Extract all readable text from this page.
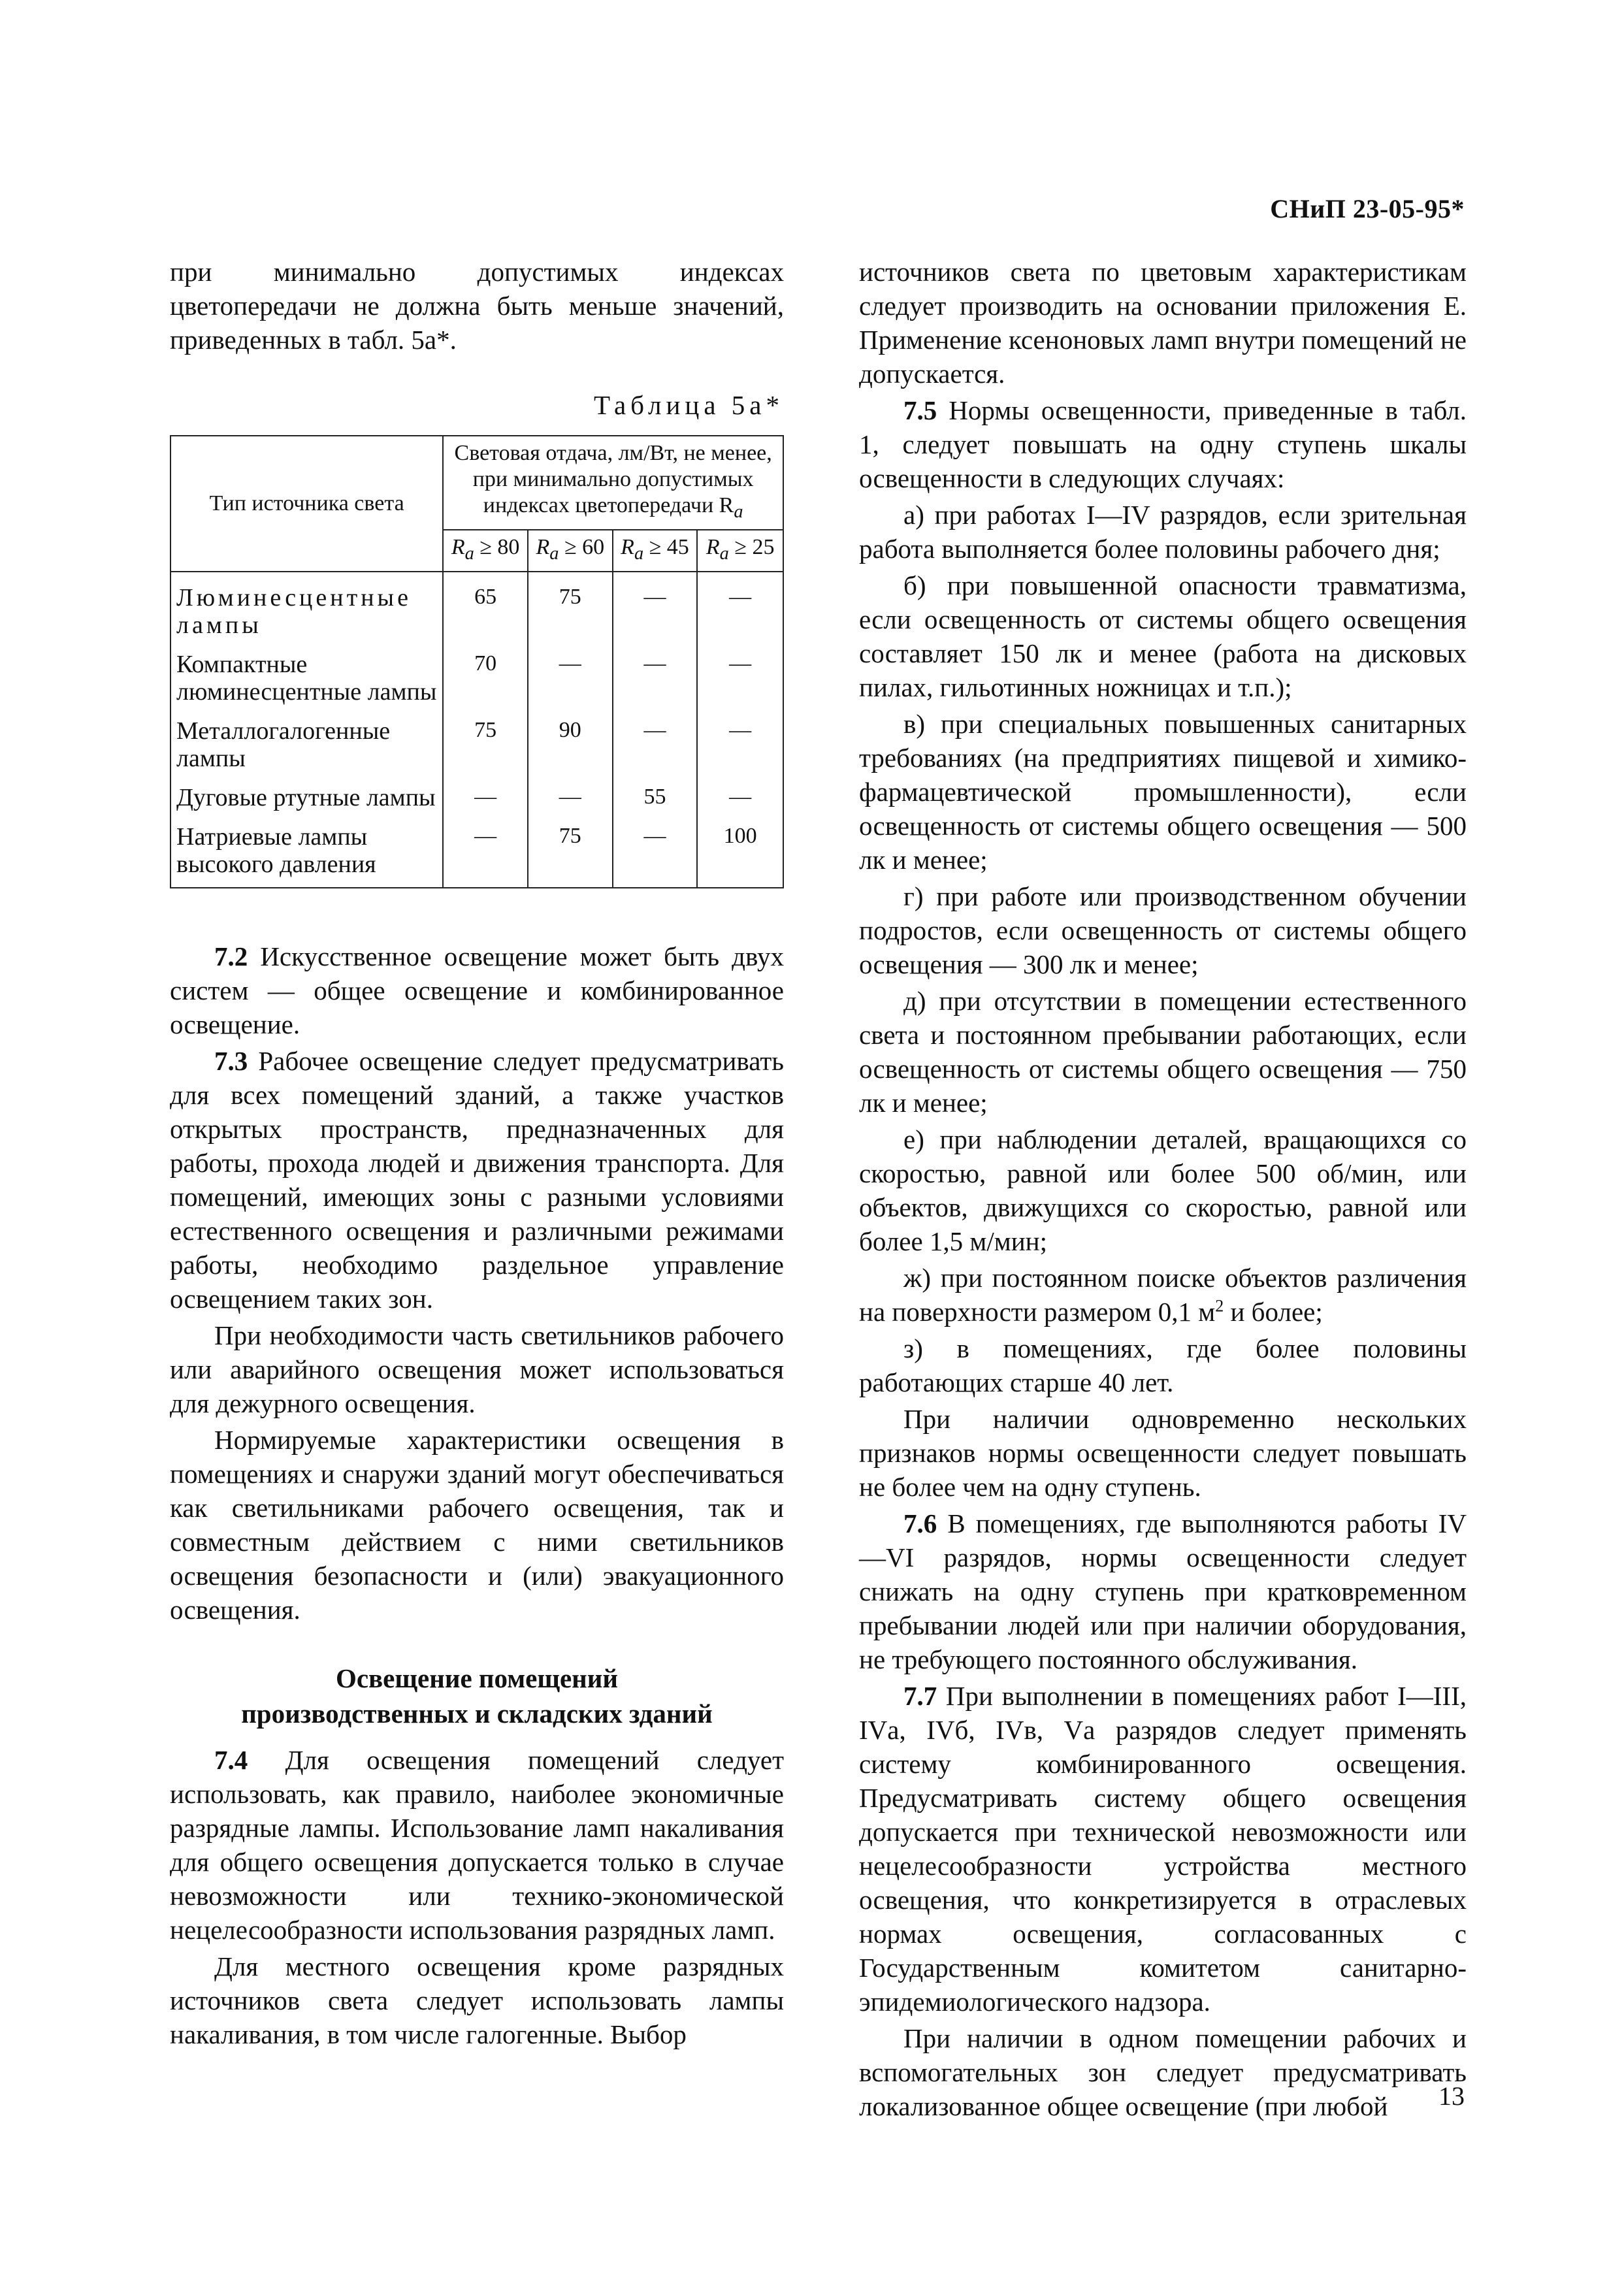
СНиП 23-05-95*

при минимально допустимых индексах цветопередачи не должна быть меньше значений, приведенных в табл. 5а*.

Таблица 5а*
Тип источника света	Световая отдача, лм/Вт, не менее, при минимально допустимых индексах цветопередачи $R_a$
	$R_a \ge 80$	$R_a \ge 60$	$R_a \ge 45$	$R_a \ge 25$
Люминесцентные лампы	65	75	—	—
Компактные люминесцентные лампы	70	—	—	—
Металлогалогенные лампы	75	90	—	—
Дуговые ртутные лампы	—	—	55	—
Натриевые лампы высокого давления	—	75	—	100

7.2 Искусственное освещение может быть двух систем — общее освещение и комбинированное освещение.

7.3 Рабочее освещение следует предусматривать для всех помещений зданий, а также участков открытых пространств, предназначенных для работы, прохода людей и движения транспорта. Для помещений, имеющих зоны с разными условиями естественного освещения и различными режимами работы, необходимо раздельное управление освещением таких зон.

При необходимости часть светильников рабочего или аварийного освещения может использоваться для дежурного освещения.

Нормируемые характеристики освещения в помещениях и снаружи зданий могут обеспечиваться как светильниками рабочего освещения, так и совместным действием с ними светильников освещения безопасности и (или) эвакуационного освещения.

Освещение помещений
производственных и складских зданий

7.4 Для освещения помещений следует использовать, как правило, наиболее экономичные разрядные лампы. Использование ламп накаливания для общего освещения допускается только в случае невозможности или технико-экономической нецелесообразности использования разрядных ламп.

Для местного освещения кроме разрядных источников света следует использовать лампы накаливания, в том числе галогенные. Выбор

источников света по цветовым характеристикам следует производить на основании приложения Е. Применение ксеноновых ламп внутри помещений не допускается.

7.5 Нормы освещенности, приведенные в табл. 1, следует повышать на одну ступень шкалы освещенности в следующих случаях:

а) при работах I—IV разрядов, если зрительная работа выполняется более половины рабочего дня;

б) при повышенной опасности травматизма, если освещенность от системы общего освещения составляет 150 лк и менее (работа на дисковых пилах, гильотинных ножницах и т.п.);

в) при специальных повышенных санитарных требованиях (на предприятиях пищевой и химико-фармацевтической промышленности), если освещенность от системы общего освещения — 500 лк и менее;

г) при работе или производственном обучении подростов, если освещенность от системы общего освещения — 300 лк и менее;

д) при отсутствии в помещении естественного света и постоянном пребывании работающих, если освещенность от системы общего освещения — 750 лк и менее;

е) при наблюдении деталей, вращающихся со скоростью, равной или более 500 об/мин, или объектов, движущихся со скоростью, равной или более 1,5 м/мин;

ж) при постоянном поиске объектов различения на поверхности размером 0,1 $м^2$ и более;

з) в помещениях, где более половины работающих старше 40 лет.

При наличии одновременно нескольких признаков нормы освещенности следует повышать не более чем на одну ступень.

7.6 В помещениях, где выполняются работы IV—VI разрядов, нормы освещенности следует снижать на одну ступень при кратковременном пребывании людей или при наличии оборудования, не требующего постоянного обслуживания.

7.7 При выполнении в помещениях работ I—III, IVа, IVб, IVв, Vа разрядов следует применять систему комбинированного освещения. Предусматривать систему общего освещения допускается при технической невозможности или нецелесообразности устройства местного освещения, что конкретизируется в отраслевых нормах освещения, согласованных с Государственным комитетом санитарно-эпидемиологического надзора.

При наличии в одном помещении рабочих и вспомогательных зон следует предусматривать локализованное общее освещение (при любой	13
